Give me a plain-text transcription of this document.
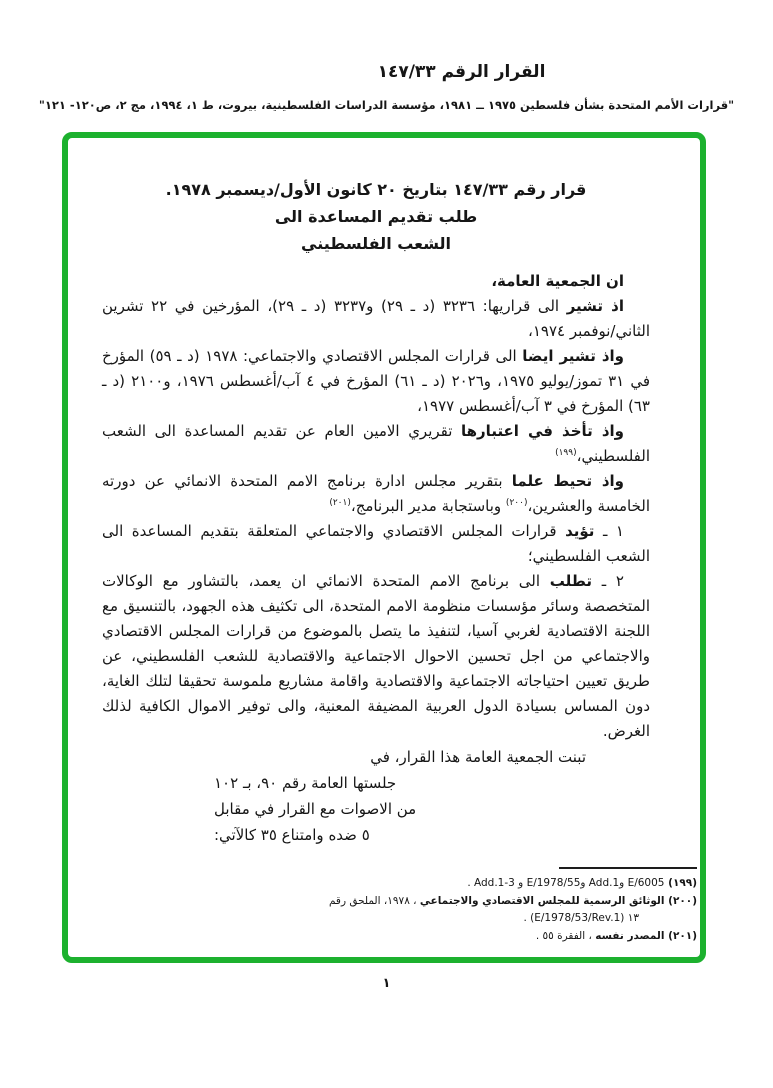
القرار الرقم ١٤٧/٣٣
"قرارات الأمم المتحدة بشأن فلسطين ١٩٧٥ ــ ١٩٨١، مؤسسة الدراسات الفلسطينية، بيروت، ط ١، ١٩٩٤، مج ٢، ص١٢٠- ١٢١"
قرار رقم ١٤٧/٣٣ بتاريخ ٢٠ كانون الأول/ديسمبر ١٩٧٨.
طلب تقديم المساعدة الى
الشعب الفلسطيني

ان الجمعية العامة،

اذ تشير الى قراريها: ٣٢٣٦ (د ـ ٢٩) و٣٢٣٧ (د ـ ٢٩)، المؤرخين في ٢٢ تشرين الثاني/نوفمبر ١٩٧٤،

واذ تشير ايضا الى قرارات المجلس الاقتصادي والاجتماعي: ١٩٧٨ (د ـ ٥٩) المؤرخ في ٣١ تموز/يوليو ١٩٧٥، و٢٠٢٦ (د ـ ٦١) المؤرخ في ٤ آب/أغسطس ١٩٧٦، و٢١٠٠ (د ـ ٦٣) المؤرخ في ٣ آب/أغسطس ١٩٧٧،

واذ تأخذ في اعتبارها تقريري الامين العام عن تقديم المساعدة الى الشعب الفلسطيني،$^{(١٩٩)}$

واذ تحيط علما بتقرير مجلس ادارة برنامج الامم المتحدة الانمائي عن دورته الخامسة والعشرين،$^{(٢٠٠)}$ وباستجابة مدير البرنامج،$^{(٢٠١)}$

١ ـ تؤيد قرارات المجلس الاقتصادي والاجتماعي المتعلقة بتقديم المساعدة الى الشعب الفلسطيني؛

٢ ـ تطلب الى برنامج الامم المتحدة الانمائي ان يعمد، بالتشاور مع الوكالات المتخصصة وسائر مؤسسات منظومة الامم المتحدة، الى تكثيف هذه الجهود، بالتنسيق مع اللجنة الاقتصادية لغربي آسيا، لتنفيذ ما يتصل بالموضوع من قرارات المجلس الاقتصادي والاجتماعي من اجل تحسين الاحوال الاجتماعية والاقتصادية للشعب الفلسطيني، عن طريق تعيين احتياجاته الاجتماعية والاقتصادية واقامة مشاريع ملموسة تحقيقا لتلك الغاية، دون المساس بسيادة الدول العربية المضيفة المعنية، والى توفير الاموال الكافية لذلك الغرض.

تبنت الجمعية العامة هذا القرار، في
جلستها العامة رقم ٩٠، بـ ١٠٢
من الاصوات مع القرار في مقابل
٥ ضده وامتناع ٣٥ كالآتي:
(١٩٩) E/6005 وAdd.1 وE/1978/55 و Add.1-3 .
(٢٠٠) الوثائق الرسمية للمجلس الاقتصادي والاجتماعي ، ١٩٧٨، الملحق رقم
١٣ (E/1978/53/Rev.1) .
(٢٠١) المصدر نفسه ، الفقرة ٥٥ .
١
